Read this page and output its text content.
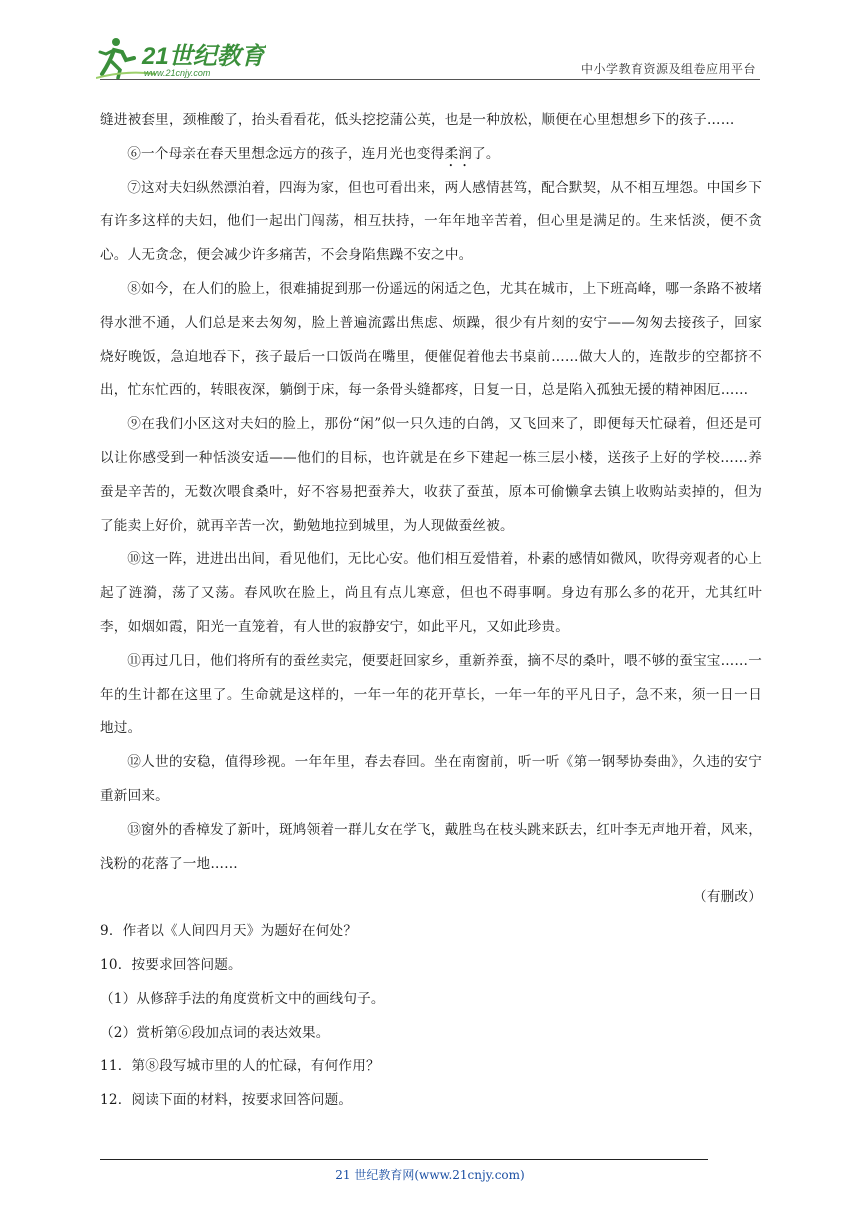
21世纪教育
www.21cnjy.com	中小学教育资源及组卷应用平台

缝进被套里，颈椎酸了，抬头看看花，低头挖挖蒲公英，也是一种放松，顺便在心里想想乡下的孩子……

⑥一个母亲在春天里想念远方的孩子，连月光也变得柔润了。

⑦这对夫妇纵然漂泊着，四海为家，但也可看出来，两人感情甚笃，配合默契，从不相互埋怨。中国乡下有许多这样的夫妇，他们一起出门闯荡，相互扶持，一年年地辛苦着，但心里是满足的。生来恬淡，便不贪心。人无贪念，便会减少许多痛苦，不会身陷焦躁不安之中。

⑧如今，在人们的脸上，很难捕捉到那一份遥远的闲适之色，尤其在城市，上下班高峰，哪一条路不被堵得水泄不通，人们总是来去匆匆，脸上普遍流露出焦虑、烦躁，很少有片刻的安宁——匆匆去接孩子，回家烧好晚饭，急迫地吞下，孩子最后一口饭尚在嘴里，便催促着他去书桌前……做大人的，连散步的空都挤不出，忙东忙西的，转眼夜深，躺倒于床，每一条骨头缝都疼，日复一日，总是陷入孤独无援的精神困厄……

⑨在我们小区这对夫妇的脸上，那份“闲”似一只久违的白鸽，又飞回来了，即便每天忙碌着，但还是可以让你感受到一种恬淡安适——他们的目标，也许就是在乡下建起一栋三层小楼，送孩子上好的学校……养蚕是辛苦的，无数次喂食桑叶，好不容易把蚕养大，收获了蚕茧，原本可偷懒拿去镇上收购站卖掉的，但为了能卖上好价，就再辛苦一次，勤勉地拉到城里，为人现做蚕丝被。

⑩这一阵，进进出出间，看见他们，无比心安。他们相互爱惜着，朴素的感情如微风，吹得旁观者的心上起了涟漪，荡了又荡。春风吹在脸上，尚且有点儿寒意，但也不碍事啊。身边有那么多的花开，尤其红叶李，如烟如霞，阳光一直笼着，有人世的寂静安宁，如此平凡，又如此珍贵。

⑪再过几日，他们将所有的蚕丝卖完，便要赶回家乡，重新养蚕，摘不尽的桑叶，喂不够的蚕宝宝……一年的生计都在这里了。生命就是这样的，一年一年的花开草长，一年一年的平凡日子，急不来，须一日一日地过。

⑫人世的安稳，值得珍视。一年年里，春去春回。坐在南窗前，听一听《第一钢琴协奏曲》，久违的安宁重新回来。

⑬窗外的香樟发了新叶，斑鸠领着一群儿女在学飞，戴胜鸟在枝头跳来跃去，红叶李无声地开着，风来，浅粉的花落了一地……

（有删改）

9．作者以《人间四月天》为题好在何处？

10．按要求回答问题。

（1）从修辞手法的角度赏析文中的画线句子。

（2）赏析第⑥段加点词的表达效果。

11．第⑧段写城市里的人的忙碌，有何作用？

12．阅读下面的材料，按要求回答问题。

21 世纪教育网(www.21cnjy.com)
